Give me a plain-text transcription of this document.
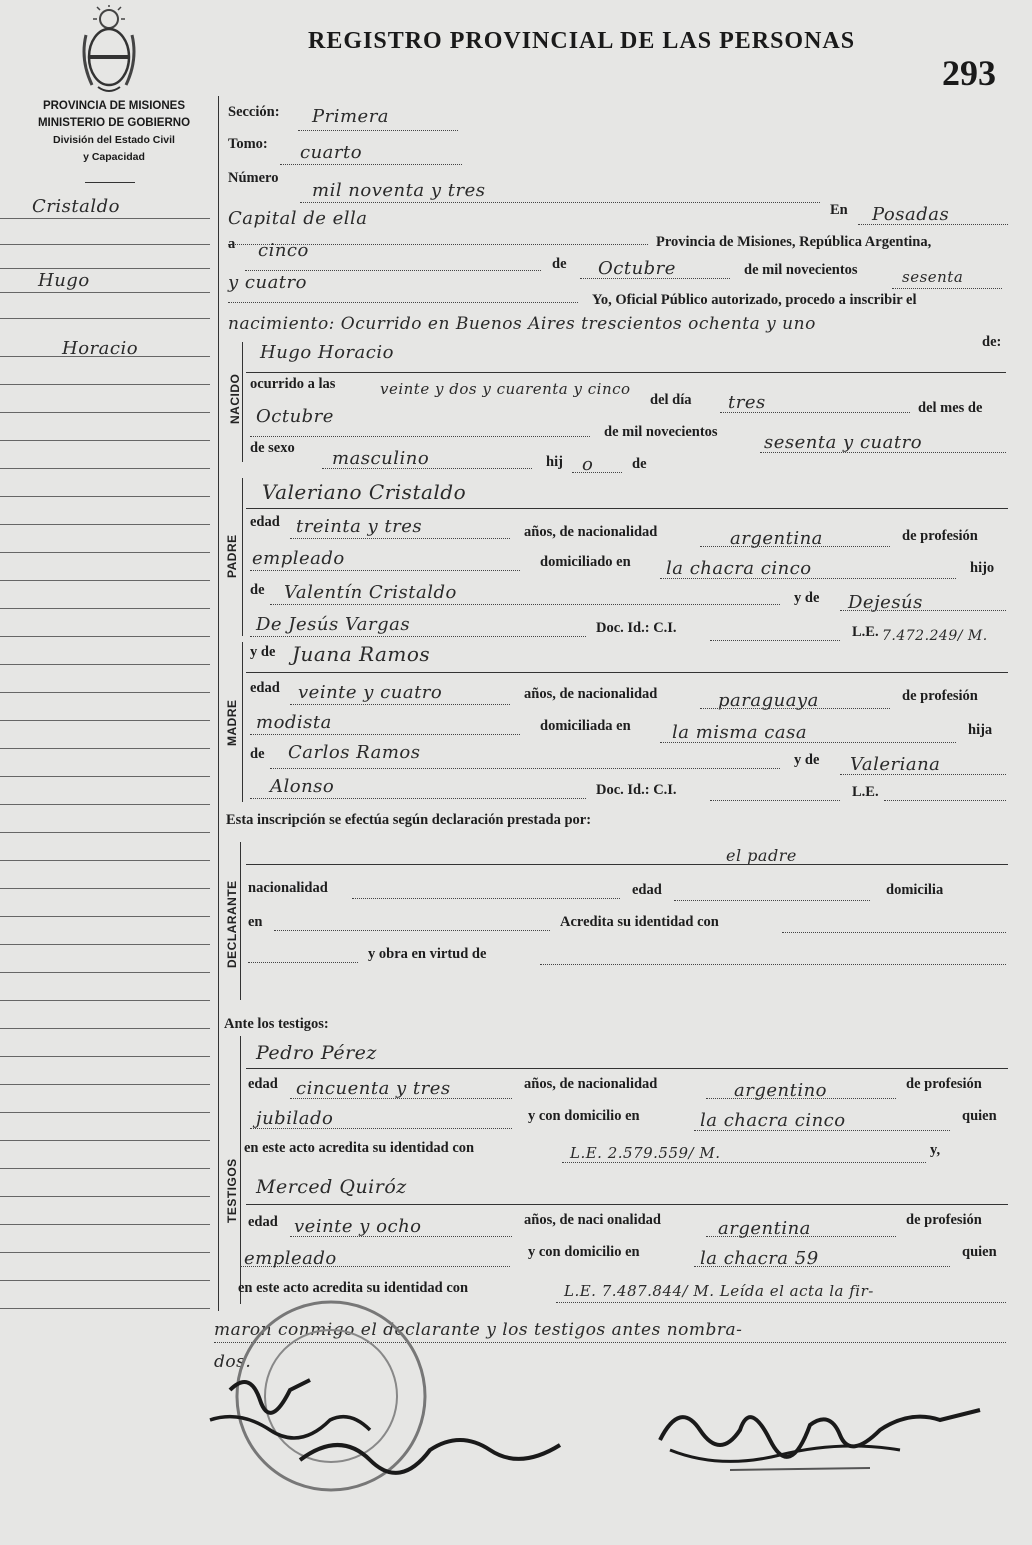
PROVINCIA DE MISIONES
MINISTERIO DE GOBIERNO
División del Estado Civil
y Capacidad
REGISTRO PROVINCIAL DE LAS PERSONAS
293
Cristaldo
Hugo
Horacio
NACIDO
PADRE
MADRE
DECLARANTE
TESTIGOS
Sección: Primera
Tomo: cuarto
Número
mil noventa y tres
En Posadas
Capital de ella
Provincia de Misiones, República Argentina,
a cinco
de Octubre	de mil novecientos	sesenta
y cuatro
Yo, Oficial Público autorizado, procedo a inscribir el
nacimiento: Ocurrido en Buenos Aires trescientos ochenta y uno
de:
Hugo Horacio
ocurrido a las	veinte y dos y cuarenta y cinco
del día tres	del mes de
Octubre
de mil novecientos	sesenta y cuatro
de sexo masculino	hij o	de
Valeriano Cristaldo
edad treinta y tres	años, de nacionalidad	argentina	de profesión
empleado	domiciliado en la chacra cinco	hijo
de Valentín Cristaldo	y de Dejesús
De Jesús Vargas	Doc. Id.: C.I.	L.E. 7.472.249/ M.
y de Juana Ramos
edad veinte y cuatro	años, de nacionalidad	paraguaya	de profesión
modista	domiciliada en la misma casa	hija
de Carlos Ramos	y de Valeriana
Alonso	Doc. Id.: C.I.	L.E.
Esta inscripción se efectúa según declaración prestada por:
el padre
nacionalidad	edad	domicilia
en	Acredita su identidad con
y obra en virtud de
Ante los testigos:
Pedro Pérez
edad cincuenta y tres	años, de nacionalidad	argentino	de profesión
jubilado	y con domicilio en	la chacra cinco	quien
en este acto acredita su identidad con	L.E. 2.579.559/ M.	y,
Merced Quiróz
edad veinte y ocho	años, de naci onalidad	argentina	de profesión
empleado	y con domicilio en	la chacra 59	quien
en este acto acredita su identidad con	L.E. 7.487.844/ M. Leída el acta la fir-
maron conmigo el declarante y los testigos antes nombra-
dos.
